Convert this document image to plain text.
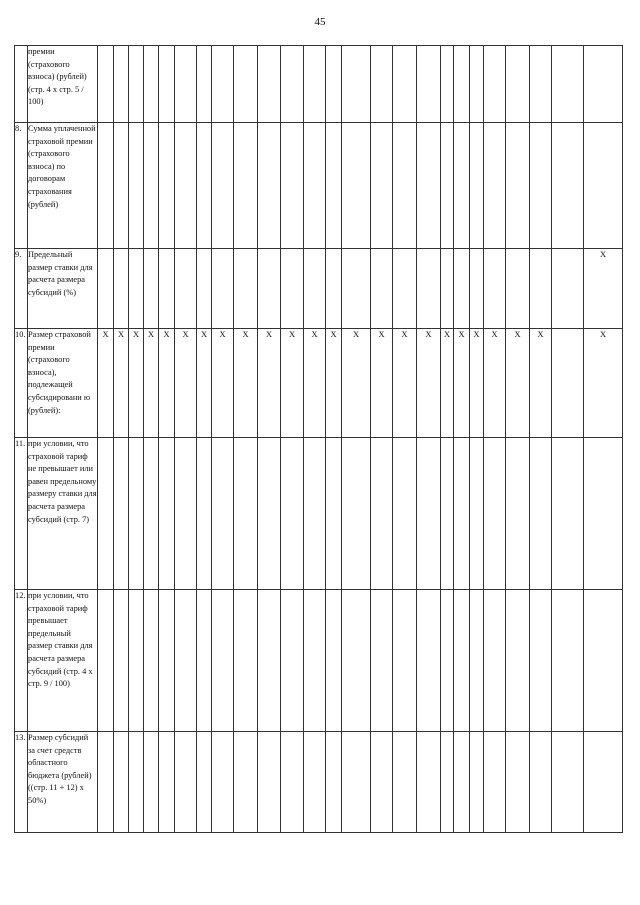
45
	премии (страхового взноса) (рублей) (стр. 4 х стр. 5 / 100)																									
8.	Сумма уплаченной страховой премии (страхового взноса) по договорам страхования (рублей)																									
9.	Предельный размер ставки для расчета размера субсидий (%)																									X
10.	Размер страховой премии (страхового взноса), подлежащей субсидировани ю (рублей):	X	X	X	X	X	X	X	X	X	X	X	X	X	X	X	X	X	X	X	X	X	X	X		X
11.	при условии, что страховой тариф не превышает или равен предельному размеру ставки для расчета размера субсидий (стр. 7)																									
12.	при условии, что страховой тариф превышает предельный размер ставки для расчета размера субсидий (стр. 4 х стр. 9 / 100)																									
13.	Размер субсидий за счет средств областного бюджета (рублей) ((стр. 11 + 12) х 50%)																									
